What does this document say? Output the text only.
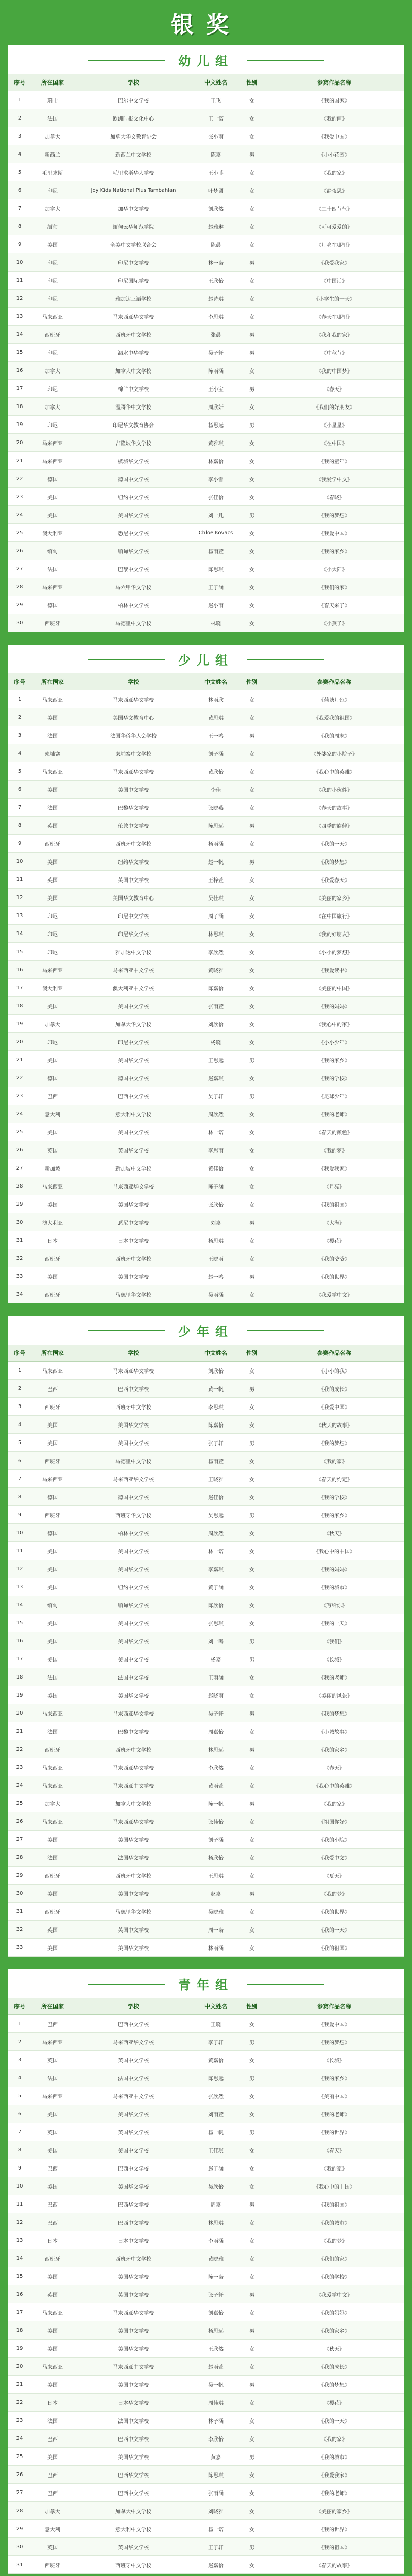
银奖
幼儿组
序号	所在国家	学校	中文姓名	性别	参赛作品名称
1	瑞士	巴尔中文学校	王飞	女	《我的国家》
2	法国	欧洲时报文化中心	王一诺	女	《我的画》
3	加拿大	加拿大华文教育协会	张小雨	女	《我爱中国》
4	新西兰	新西兰中文学校	陈嘉	男	《小小花园》
5	毛里求斯	毛里求斯华人学校	王小菲	女	《我的家》
6	印尼	Joy Kids National Plus Tambahlan	叶梦圆	女	《静夜思》
7	加拿大	加华中文学校	刘欣然	女	《二十四节气》
8	缅甸	缅甸云华师范学院	赵雅琳	女	《可可爱爱的》
9	美国	全美中文学校联合会	陈晨	女	《月亮在哪里》
10	印尼	印尼中文学校	林一诺	男	《我爱我家》
11	印尼	印尼国际学校	王欣怡	女	《中国话》
12	印尼	雅加达三语学校	赵诗琪	女	《小学生的一天》
13	马来西亚	马来西亚华文学校	李思琪	女	《春天在哪里》
14	西班牙	西班牙中文学校	张晨	男	《我和我的家》
15	印尼	泗水中华学校	吴子轩	男	《中秋节》
16	加拿大	加拿大中文学校	陈雨涵	女	《我的中国梦》
17	印尼	棉兰中文学校	王小宝	男	《春天》
18	加拿大	温哥华中文学校	周欣妍	女	《我们的好朋友》
19	印尼	印尼华文教育协会	杨思远	男	《小星星》
20	马来西亚	吉隆坡华文学校	黄雅琪	女	《在中国》
21	马来西亚	槟城华文学校	林嘉怡	女	《我的童年》
22	德国	德国中文学校	李小雪	女	《我爱学中文》
23	美国	纽约中文学校	张佳怡	女	《春晓》
24	美国	美国华文学校	刘一凡	男	《我的梦想》
25	澳大利亚	悉尼中文学校	Chloe Kovacs	女	《我爱中国》
26	缅甸	缅甸华文学校	杨雨萱	女	《我的家乡》
27	法国	巴黎中文学校	陈思琪	女	《小太阳》
28	马来西亚	马六甲华文学校	王子涵	女	《我们的家》
29	德国	柏林中文学校	赵小雨	女	《春天来了》
30	西班牙	马德里中文学校	林晓	女	《小燕子》
少儿组
序号	所在国家	学校	中文姓名	性别	参赛作品名称
1	马来西亚	马来西亚华文学校	林雨欣	女	《荷塘月色》
2	美国	美国华文教育中心	黄思琪	女	《我爱我的祖国》
3	法国	法国华侨华人会学校	王一鸣	男	《我的周末》
4	柬埔寨	柬埔寨中文学校	刘子涵	女	《外婆家的小院子》
5	马来西亚	马来西亚华文学校	黄欣怡	女	《我心中的英雄》
6	美国	美国中文学校	李佳	女	《我的小伙伴》
7	法国	巴黎华文学校	张晓燕	女	《春天的故事》
8	英国	伦敦中文学校	陈思远	男	《四季的旋律》
9	西班牙	西班牙中文学校	杨雨涵	女	《我的一天》
10	美国	纽约华文学校	赵一帆	男	《我的梦想》
11	英国	英国中文学校	王梓萱	女	《我爱春天》
12	美国	美国华文教育中心	吴佳琪	女	《美丽的家乡》
13	印尼	印尼中文学校	周子涵	女	《在中国旅行》
14	印尼	印尼华文学校	林思琪	女	《我的好朋友》
15	印尼	雅加达中文学校	李欣然	女	《小小的梦想》
16	马来西亚	马来西亚中文学校	黄晓雅	女	《我爱读书》
17	澳大利亚	澳大利亚中文学校	陈嘉怡	女	《美丽的中国》
18	美国	美国中文学校	张雨萱	女	《我的妈妈》
19	加拿大	加拿大华文学校	刘欣怡	女	《我心中的家》
20	印尼	印尼中文学校	杨晓	女	《小小少年》
21	美国	美国华文学校	王思远	男	《我的家乡》
22	德国	德国中文学校	赵嘉琪	女	《我的学校》
23	巴西	巴西中文学校	吴子轩	男	《足球少年》
24	意大利	意大利中文学校	周欣然	女	《我的老师》
25	美国	美国中文学校	林一诺	女	《春天的颜色》
26	英国	英国华文学校	李思雨	女	《我的梦》
27	新加坡	新加坡中文学校	黄佳怡	女	《我爱我家》
28	马来西亚	马来西亚华文学校	陈子涵	女	《月亮》
29	美国	美国华文学校	张欣怡	女	《我的祖国》
30	澳大利亚	悉尼中文学校	刘嘉	男	《大海》
31	日本	日本中文学校	杨思琪	女	《樱花》
32	西班牙	西班牙中文学校	王晓雨	女	《我的爷爷》
33	美国	美国中文学校	赵一鸣	男	《我的世界》
34	西班牙	马德里华文学校	吴雨涵	女	《我爱学中文》
少年组
序号	所在国家	学校	中文姓名	性别	参赛作品名称
1	马来西亚	马来西亚华文学校	刘欣怡	女	《小小的我》
2	巴西	巴西中文学校	黄一帆	男	《我的成长》
3	西班牙	西班牙中文学校	李思琪	女	《我爱中国》
4	美国	美国华文学校	陈嘉怡	女	《秋天的故事》
5	美国	美国中文学校	张子轩	男	《我的梦想》
6	西班牙	马德里中文学校	杨雨萱	女	《我的家》
7	马来西亚	马来西亚华文学校	王晓雅	女	《春天的约定》
8	德国	德国中文学校	赵佳怡	女	《我的学校》
9	西班牙	西班牙华文学校	吴思远	男	《我的家乡》
10	德国	柏林中文学校	周欣然	女	《秋天》
11	美国	美国中文学校	林一诺	女	《我心中的中国》
12	美国	美国华文学校	李嘉琪	女	《我的妈妈》
13	美国	纽约中文学校	黄子涵	女	《我的城市》
14	缅甸	缅甸华文学校	陈欣怡	女	《写给你》
15	美国	美国中文学校	张思琪	女	《我的一天》
16	美国	美国华文学校	刘一鸣	男	《我们》
17	美国	美国中文学校	杨嘉	男	《长城》
18	法国	法国中文学校	王雨涵	女	《我的老师》
19	美国	美国华文学校	赵晓雨	女	《美丽的风景》
20	马来西亚	马来西亚华文学校	吴子轩	男	《我的梦想》
21	法国	巴黎中文学校	周嘉怡	女	《小城故事》
22	西班牙	西班牙中文学校	林思远	男	《我的家乡》
23	马来西亚	马来西亚华文学校	李欣然	女	《春天》
24	马来西亚	马来西亚中文学校	黄雨萱	女	《我心中的英雄》
25	加拿大	加拿大中文学校	陈一帆	男	《我的家》
26	马来西亚	马来西亚华文学校	张佳怡	女	《祖国你好》
27	美国	美国华文学校	刘子涵	女	《我的小院》
28	法国	法国华文学校	杨欣怡	女	《我爱中文》
29	西班牙	西班牙中文学校	王思琪	女	《夏天》
30	美国	美国中文学校	赵嘉	男	《我的梦》
31	西班牙	马德里华文学校	吴晓雅	女	《我的世界》
32	英国	英国中文学校	周一诺	女	《我的一天》
33	美国	美国华文学校	林雨涵	女	《我的祖国》
青年组
序号	所在国家	学校	中文姓名	性别	参赛作品名称
1	巴西	巴西中文学校	王晓	女	《我爱中国》
2	马来西亚	马来西亚华文学校	李子轩	男	《我的梦想》
3	英国	英国中文学校	黄嘉怡	女	《长城》
4	法国	法国中文学校	陈思远	男	《我的家乡》
5	马来西亚	马来西亚中文学校	张欣然	女	《美丽中国》
6	美国	美国华文学校	刘雨萱	女	《我的老师》
7	英国	英国华文学校	杨一帆	男	《我的世界》
8	美国	美国中文学校	王佳琪	女	《春天》
9	巴西	巴西中文学校	赵子涵	女	《我的家》
10	美国	美国华文学校	吴欣怡	女	《我心中的中国》
11	巴西	巴西华文学校	周嘉	男	《我的祖国》
12	巴西	巴西中文学校	林思琪	女	《我的城市》
13	日本	日本中文学校	李雨涵	女	《我的梦》
14	西班牙	西班牙中文学校	黄晓雅	女	《我们的家》
15	美国	美国华文学校	陈一诺	女	《我的学校》
16	英国	英国中文学校	张子轩	男	《我爱学中文》
17	马来西亚	马来西亚华文学校	刘嘉怡	女	《我的妈妈》
18	美国	美国中文学校	杨思远	男	《我的家乡》
19	美国	美国华文学校	王欣然	女	《秋天》
20	马来西亚	马来西亚中文学校	赵雨萱	女	《我的成长》
21	美国	美国中文学校	吴一帆	男	《我的梦想》
22	日本	日本华文学校	周佳琪	女	《樱花》
23	法国	法国中文学校	林子涵	女	《我的一天》
24	巴西	巴西中文学校	李欣怡	女	《我的家》
25	美国	美国华文学校	黄嘉	男	《我的城市》
26	巴西	巴西华文学校	陈思琪	女	《我爱我家》
27	巴西	巴西中文学校	张雨涵	女	《我的老师》
28	加拿大	加拿大中文学校	刘晓雅	女	《美丽的家乡》
29	意大利	意大利中文学校	杨一诺	女	《我的世界》
30	英国	英国华文学校	王子轩	男	《我的祖国》
31	西班牙	西班牙中文学校	赵嘉怡	女	《春天的故事》
